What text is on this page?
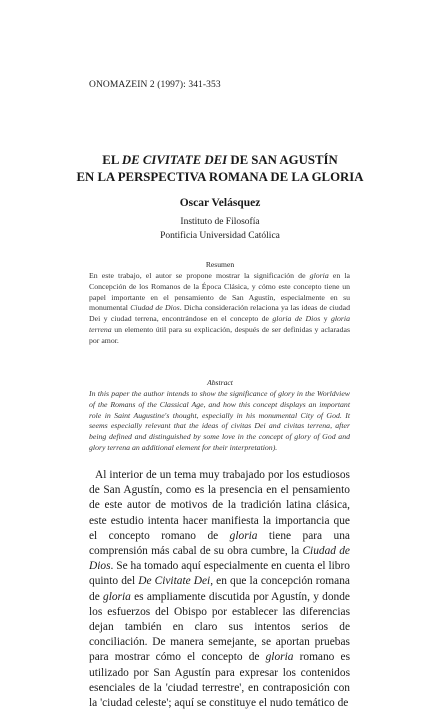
ONOMAZEIN 2 (1997): 341-353
EL DE CIVITATE DEI DE SAN AGUSTÍN
EN LA PERSPECTIVA ROMANA DE LA GLORIA
Oscar Velásquez
Instituto de Filosofía
Pontificia Universidad Católica
Resumen
En este trabajo, el autor se propone mostrar la significación de gloria en la Concepción de los Romanos de la Época Clásica, y cómo este concepto tiene un papel importante en el pensamiento de San Agustín, especialmente en su monumental Ciudad de Dios. Dicha consideración relaciona ya las ideas de ciudad Dei y ciudad terrena, encontrándose en el concepto de gloria de Dios y gloria terrena un elemento útil para su explicación, después de ser definidas y aclaradas por amor.
Abstract
In this paper the author intends to show the significance of glory in the Worldview of the Romans of the Classical Age, and how this concept displays an important role in Saint Augustine's thought, especially in his monumental City of God. It seems especially relevant that the ideas of civitas Dei and civitas terrena, after being defined and distinguished by some love in the concept of glory of God and glory terrena an additional element for their interpretation).
Al interior de un tema muy trabajado por los estudiosos de San Agustín, como es la presencia en el pensamiento de este autor de motivos de la tradición latina clásica, este estudio intenta hacer manifiesta la importancia que el concepto romano de gloria tiene para una comprensión más cabal de su obra cumbre, la Ciudad de Dios. Se ha tomado aquí especialmente en cuenta el libro quinto del De Civitate Dei, en que la concepción romana de gloria es ampliamente discutida por Agustín, y donde los esfuerzos del Obispo por establecer las diferencias dejan también en claro sus intentos serios de conciliación. De manera semejante, se aportan pruebas para mostrar cómo el concepto de gloria romano es utilizado por San Agustín para expresar los contenidos esenciales de la 'ciudad terrestre', en contraposición con la 'ciudad celeste'; aquí se constituye el nudo temático de
